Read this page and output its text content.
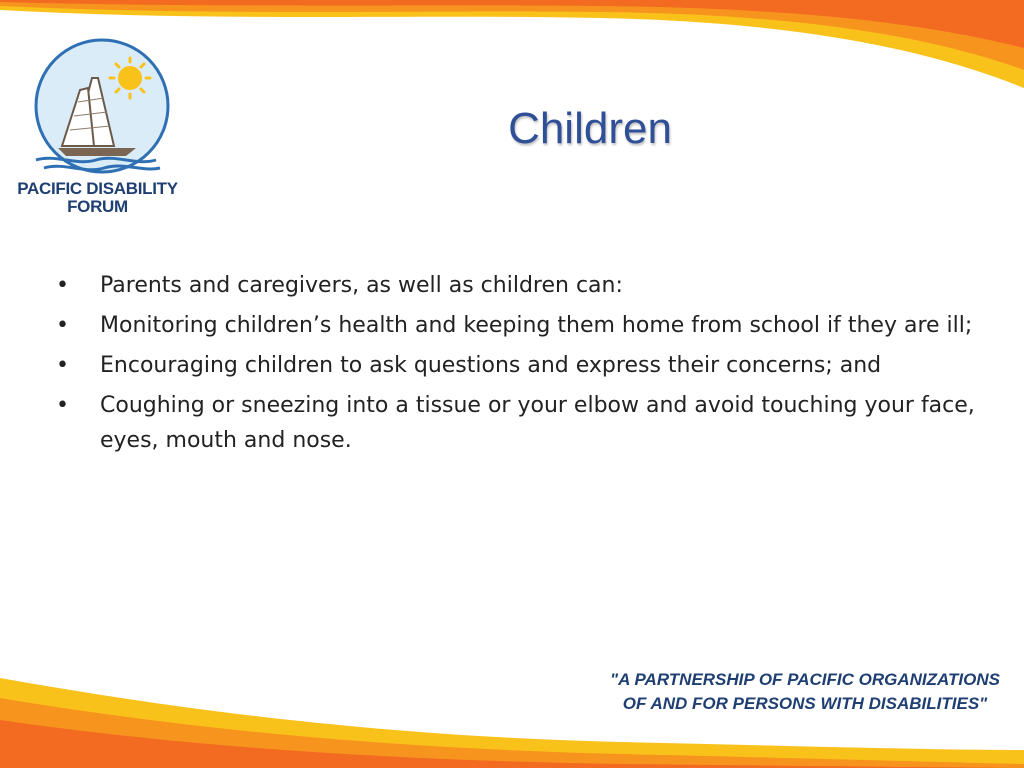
PACIFIC DISABILITY
FORUM
Children
• Parents and caregivers, as well as children can:
• Monitoring children’s health and keeping them home from school if they are ill;
• Encouraging children to ask questions and express their concerns; and
• Coughing or sneezing into a tissue or your elbow and avoid touching your face, eyes, mouth and nose.
"A PARTNERSHIP OF PACIFIC ORGANIZATIONS
OF AND FOR PERSONS WITH DISABILITIES"
